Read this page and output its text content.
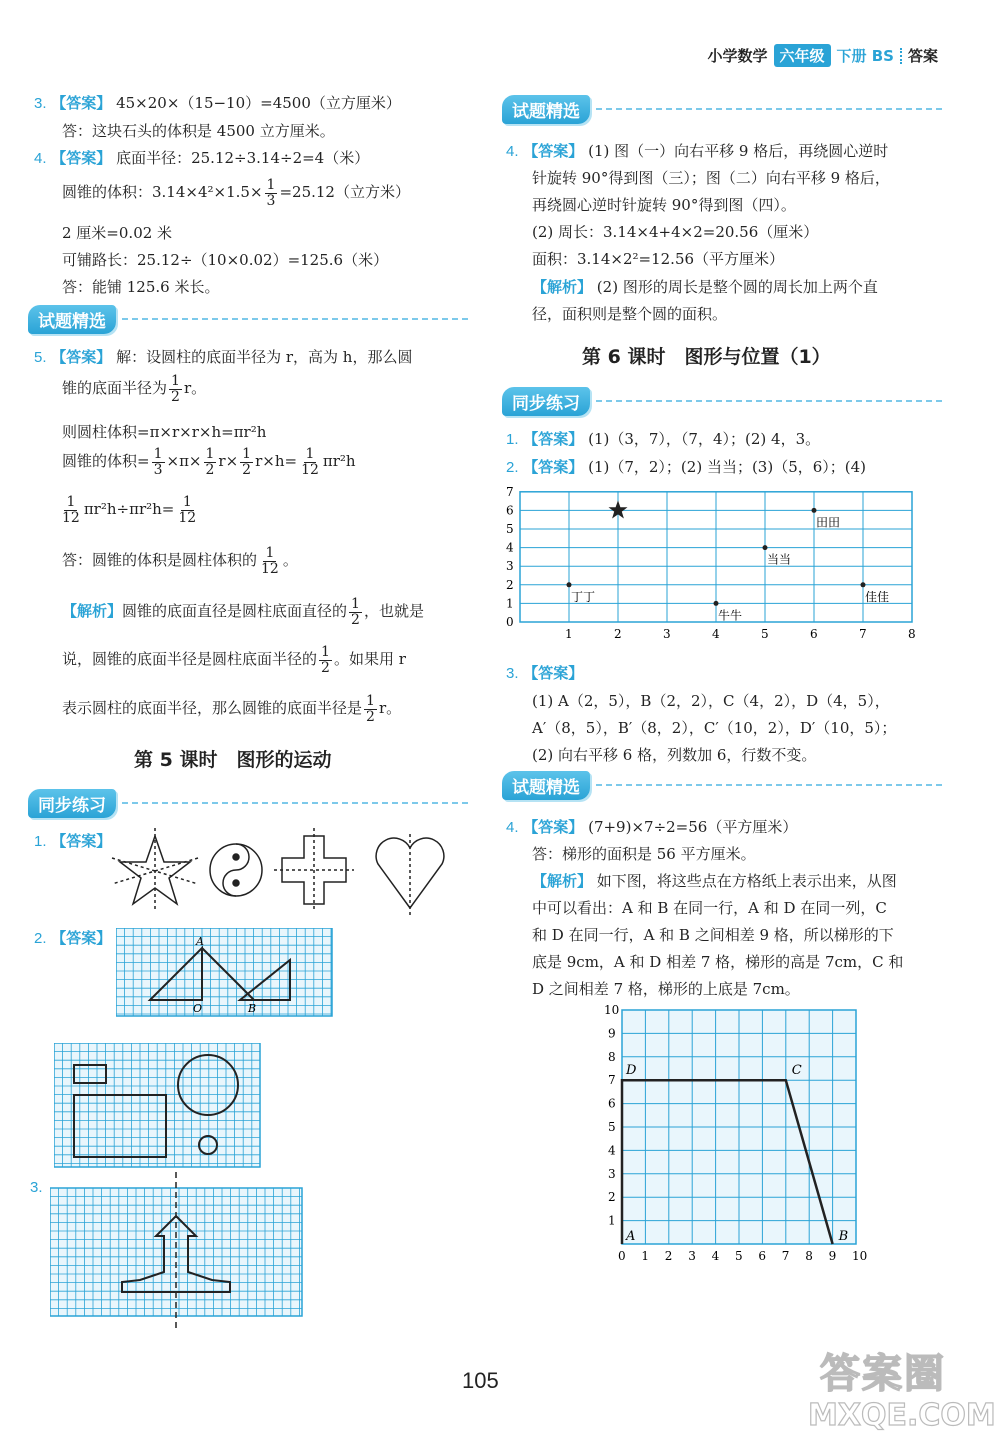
小学数学 六年级 下册 BS 答案
3. 【答案】 45×20×（15−10）=4500（立方厘米）
答：这块石头的体积是 4500 立方厘米。
4. 【答案】 底面半径：25.12÷3.14÷2=4（米）
圆锥的体积：$3.14\times 4^2\times 1.5\times \frac{1}{3} =25.12$（立方米）
2 厘米=0.02 米
可铺路长：25.12÷（10×0.02）=125.6（米）
答：能铺 125.6 米长。
试题精选
5. 【答案】 解：设圆柱的底面半径为 r，高为 h，那么圆
锥的底面半径为 $\frac{1}{2}$ r。
则圆柱体积=π×r×r×h=πr²h
圆锥的体积= $\frac{1}{3} \times\pi\times \frac{1}{2} r\times \frac{1}{2} r\times h= \frac{1}{12} \pi r^2h$
$\frac{1}{12} \pi r^2h\div\pi r^2h= \frac{1}{12}$
答：圆锥的体积是圆柱体积的 $\frac{1}{12}$ 。
【解析】圆锥的底面直径是圆柱底面直径的 $\frac{1}{2}$ ，也就是
说，圆锥的底面半径是圆柱底面半径的 $\frac{1}{2}$ 。如果用 r
表示圆柱的底面半径，那么圆锥的底面半径是 $\frac{1}{2}$ r。
第 5 课时　图形的运动
同步练习
1. 【答案】
2. 【答案】	A
O	B
3.
试题精选
4. 【答案】 (1) 图（一）向右平移 9 格后，再绕圆心逆时
针旋转 90°得到图（三）；图（二）向右平移 9 格后，
再绕圆心逆时针旋转 90°得到图（四）。
(2) 周长：3.14×4+4×2=20.56（厘米）
面积：3.14×2²=12.56（平方厘米）
【解析】 (2) 图形的周长是整个圆的周长加上两个直
径，面积则是整个圆的面积。
第 6 课时　图形与位置（1）
同步练习
1. 【答案】 (1)（3，7），（7，4）；(2) 4，3。
2. 【答案】 (1)（7，2）；(2) 当当；(3)（5，6）；(4)
1	2	3	4	5	6	7	8
0
1
2
3
4
5
6
7
田田
当当
丁丁
牛牛
佳佳
3. 【答案】
(1) A（2，5），B（2，2），C（4，2），D（4，5），
A′（8，5），B′（8，2），C′（10，2），D′（10，5）；
(2) 向右平移 6 格，列数加 6，行数不变。
试题精选
4. 【答案】 (7+9)×7÷2=56（平方厘米）
答：梯形的面积是 56 平方厘米。
【解析】 如下图，将这些点在方格纸上表示出来，从图
中可以看出：A 和 B 在同一行，A 和 D 在同一列，C
和 D 在同一行，A 和 B 之间相差 9 格，所以梯形的下
底是 9cm，A 和 D 相差 7 格，梯形的高是 7cm，C 和
D 之间相差 7 格，梯形的上底是 7cm。
0 1 2 3 4 5 6 7 8 9 10
1
2
3
4
5
6
7
8
9
10
D	C
A	B
105	答案圈
MXQE.COM
